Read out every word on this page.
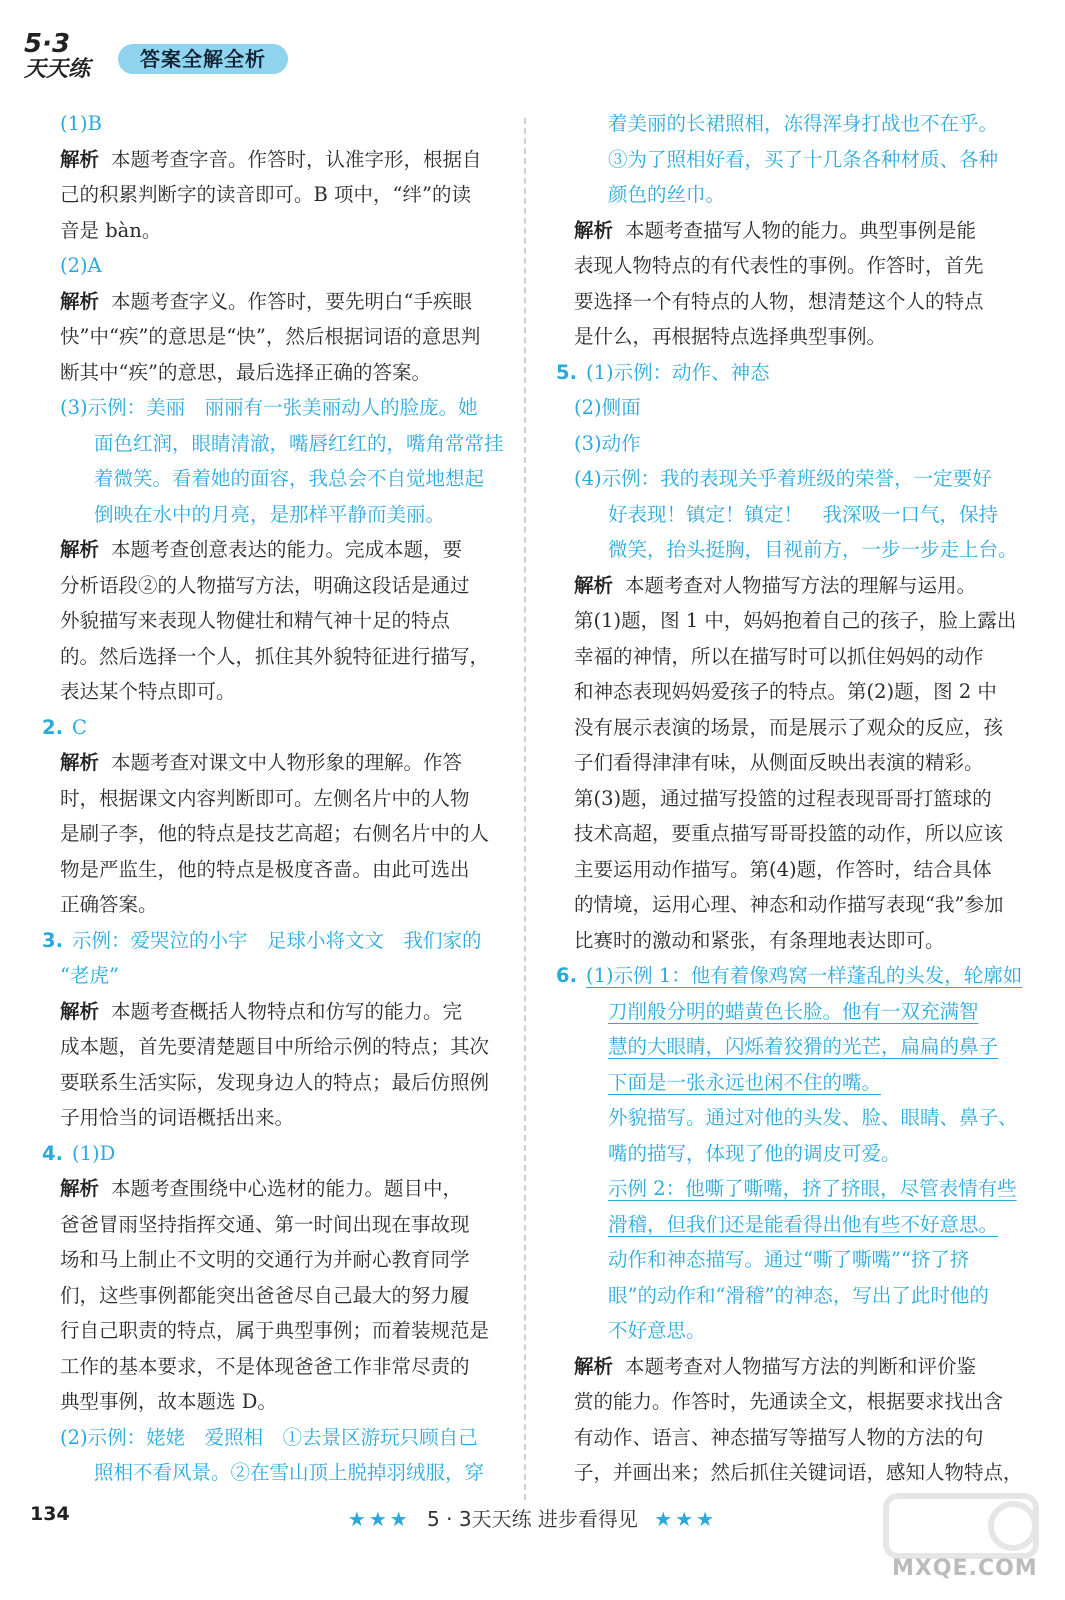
5·3
天天练	答案全解全析
(1)B
解析 本题考查字音。作答时，认准字形，根据自
己的积累判断字的读音即可。B 项中，“绊”的读
音是 bàn。
(2)A
解析 本题考查字义。作答时，要先明白“手疾眼
快”中“疾”的意思是“快”，然后根据词语的意思判
断其中“疾”的意思，最后选择正确的答案。
(3)示例：美丽　丽丽有一张美丽动人的脸庞。她
面色红润，眼睛清澈，嘴唇红红的，嘴角常常挂
着微笑。看着她的面容，我总会不自觉地想起
倒映在水中的月亮，是那样平静而美丽。
解析 本题考查创意表达的能力。完成本题，要
分析语段②的人物描写方法，明确这段话是通过
外貌描写来表现人物健壮和精气神十足的特点
的。然后选择一个人，抓住其外貌特征进行描写，
表达某个特点即可。
2. C
解析 本题考查对课文中人物形象的理解。作答
时，根据课文内容判断即可。左侧名片中的人物
是刷子李，他的特点是技艺高超；右侧名片中的人
物是严监生，他的特点是极度吝啬。由此可选出
正确答案。
3. 示例：爱哭泣的小宇　足球小将文文　我们家的
“老虎”
解析 本题考查概括人物特点和仿写的能力。完
成本题，首先要清楚题目中所给示例的特点；其次
要联系生活实际，发现身边人的特点；最后仿照例
子用恰当的词语概括出来。
4. (1)D
解析 本题考查围绕中心选材的能力。题目中，
爸爸冒雨坚持指挥交通、第一时间出现在事故现
场和马上制止不文明的交通行为并耐心教育同学
们，这些事例都能突出爸爸尽自己最大的努力履
行自己职责的特点，属于典型事例；而着装规范是
工作的基本要求，不是体现爸爸工作非常尽责的
典型事例，故本题选 D。
(2)示例：姥姥　爱照相　①去景区游玩只顾自己
照相不看风景。②在雪山顶上脱掉羽绒服，穿
着美丽的长裙照相，冻得浑身打战也不在乎。
③为了照相好看，买了十几条各种材质、各种
颜色的丝巾。
解析 本题考查描写人物的能力。典型事例是能
表现人物特点的有代表性的事例。作答时，首先
要选择一个有特点的人物，想清楚这个人的特点
是什么，再根据特点选择典型事例。
5. (1)示例：动作、神态
(2)侧面
(3)动作
(4)示例：我的表现关乎着班级的荣誉，一定要好
好表现！镇定！镇定！　我深吸一口气，保持
微笑，抬头挺胸，目视前方，一步一步走上台。
解析 本题考查对人物描写方法的理解与运用。
第(1)题，图 1 中，妈妈抱着自己的孩子，脸上露出
幸福的神情，所以在描写时可以抓住妈妈的动作
和神态表现妈妈爱孩子的特点。第(2)题，图 2 中
没有展示表演的场景，而是展示了观众的反应，孩
子们看得津津有味，从侧面反映出表演的精彩。
第(3)题，通过描写投篮的过程表现哥哥打篮球的
技术高超，要重点描写哥哥投篮的动作，所以应该
主要运用动作描写。第(4)题，作答时，结合具体
的情境，运用心理、神态和动作描写表现“我”参加
比赛时的激动和紧张，有条理地表达即可。
6. (1)示例 1：他有着像鸡窝一样蓬乱的头发，轮廓如
刀削般分明的蜡黄色长脸。他有一双充满智
慧的大眼睛，闪烁着狡猾的光芒，扁扁的鼻子
下面是一张永远也闲不住的嘴。
外貌描写。通过对他的头发、脸、眼睛、鼻子、
嘴的描写，体现了他的调皮可爱。
示例 2：他嘶了嘶嘴，挤了挤眼，尽管表情有些
滑稽，但我们还是能看得出他有些不好意思。
动作和神态描写。通过“嘶了嘶嘴”“挤了挤
眼”的动作和“滑稽”的神态，写出了此时他的
不好意思。
解析 本题考查对人物描写方法的判断和评价鉴
赏的能力。作答时，先通读全文，根据要求找出含
有动作、语言、神态描写等描写人物的方法的句
子，并画出来；然后抓住关键词语，感知人物特点，
134	★★★ 5 · 3天天练 进步看得见 ★★★
MXQE.COM
